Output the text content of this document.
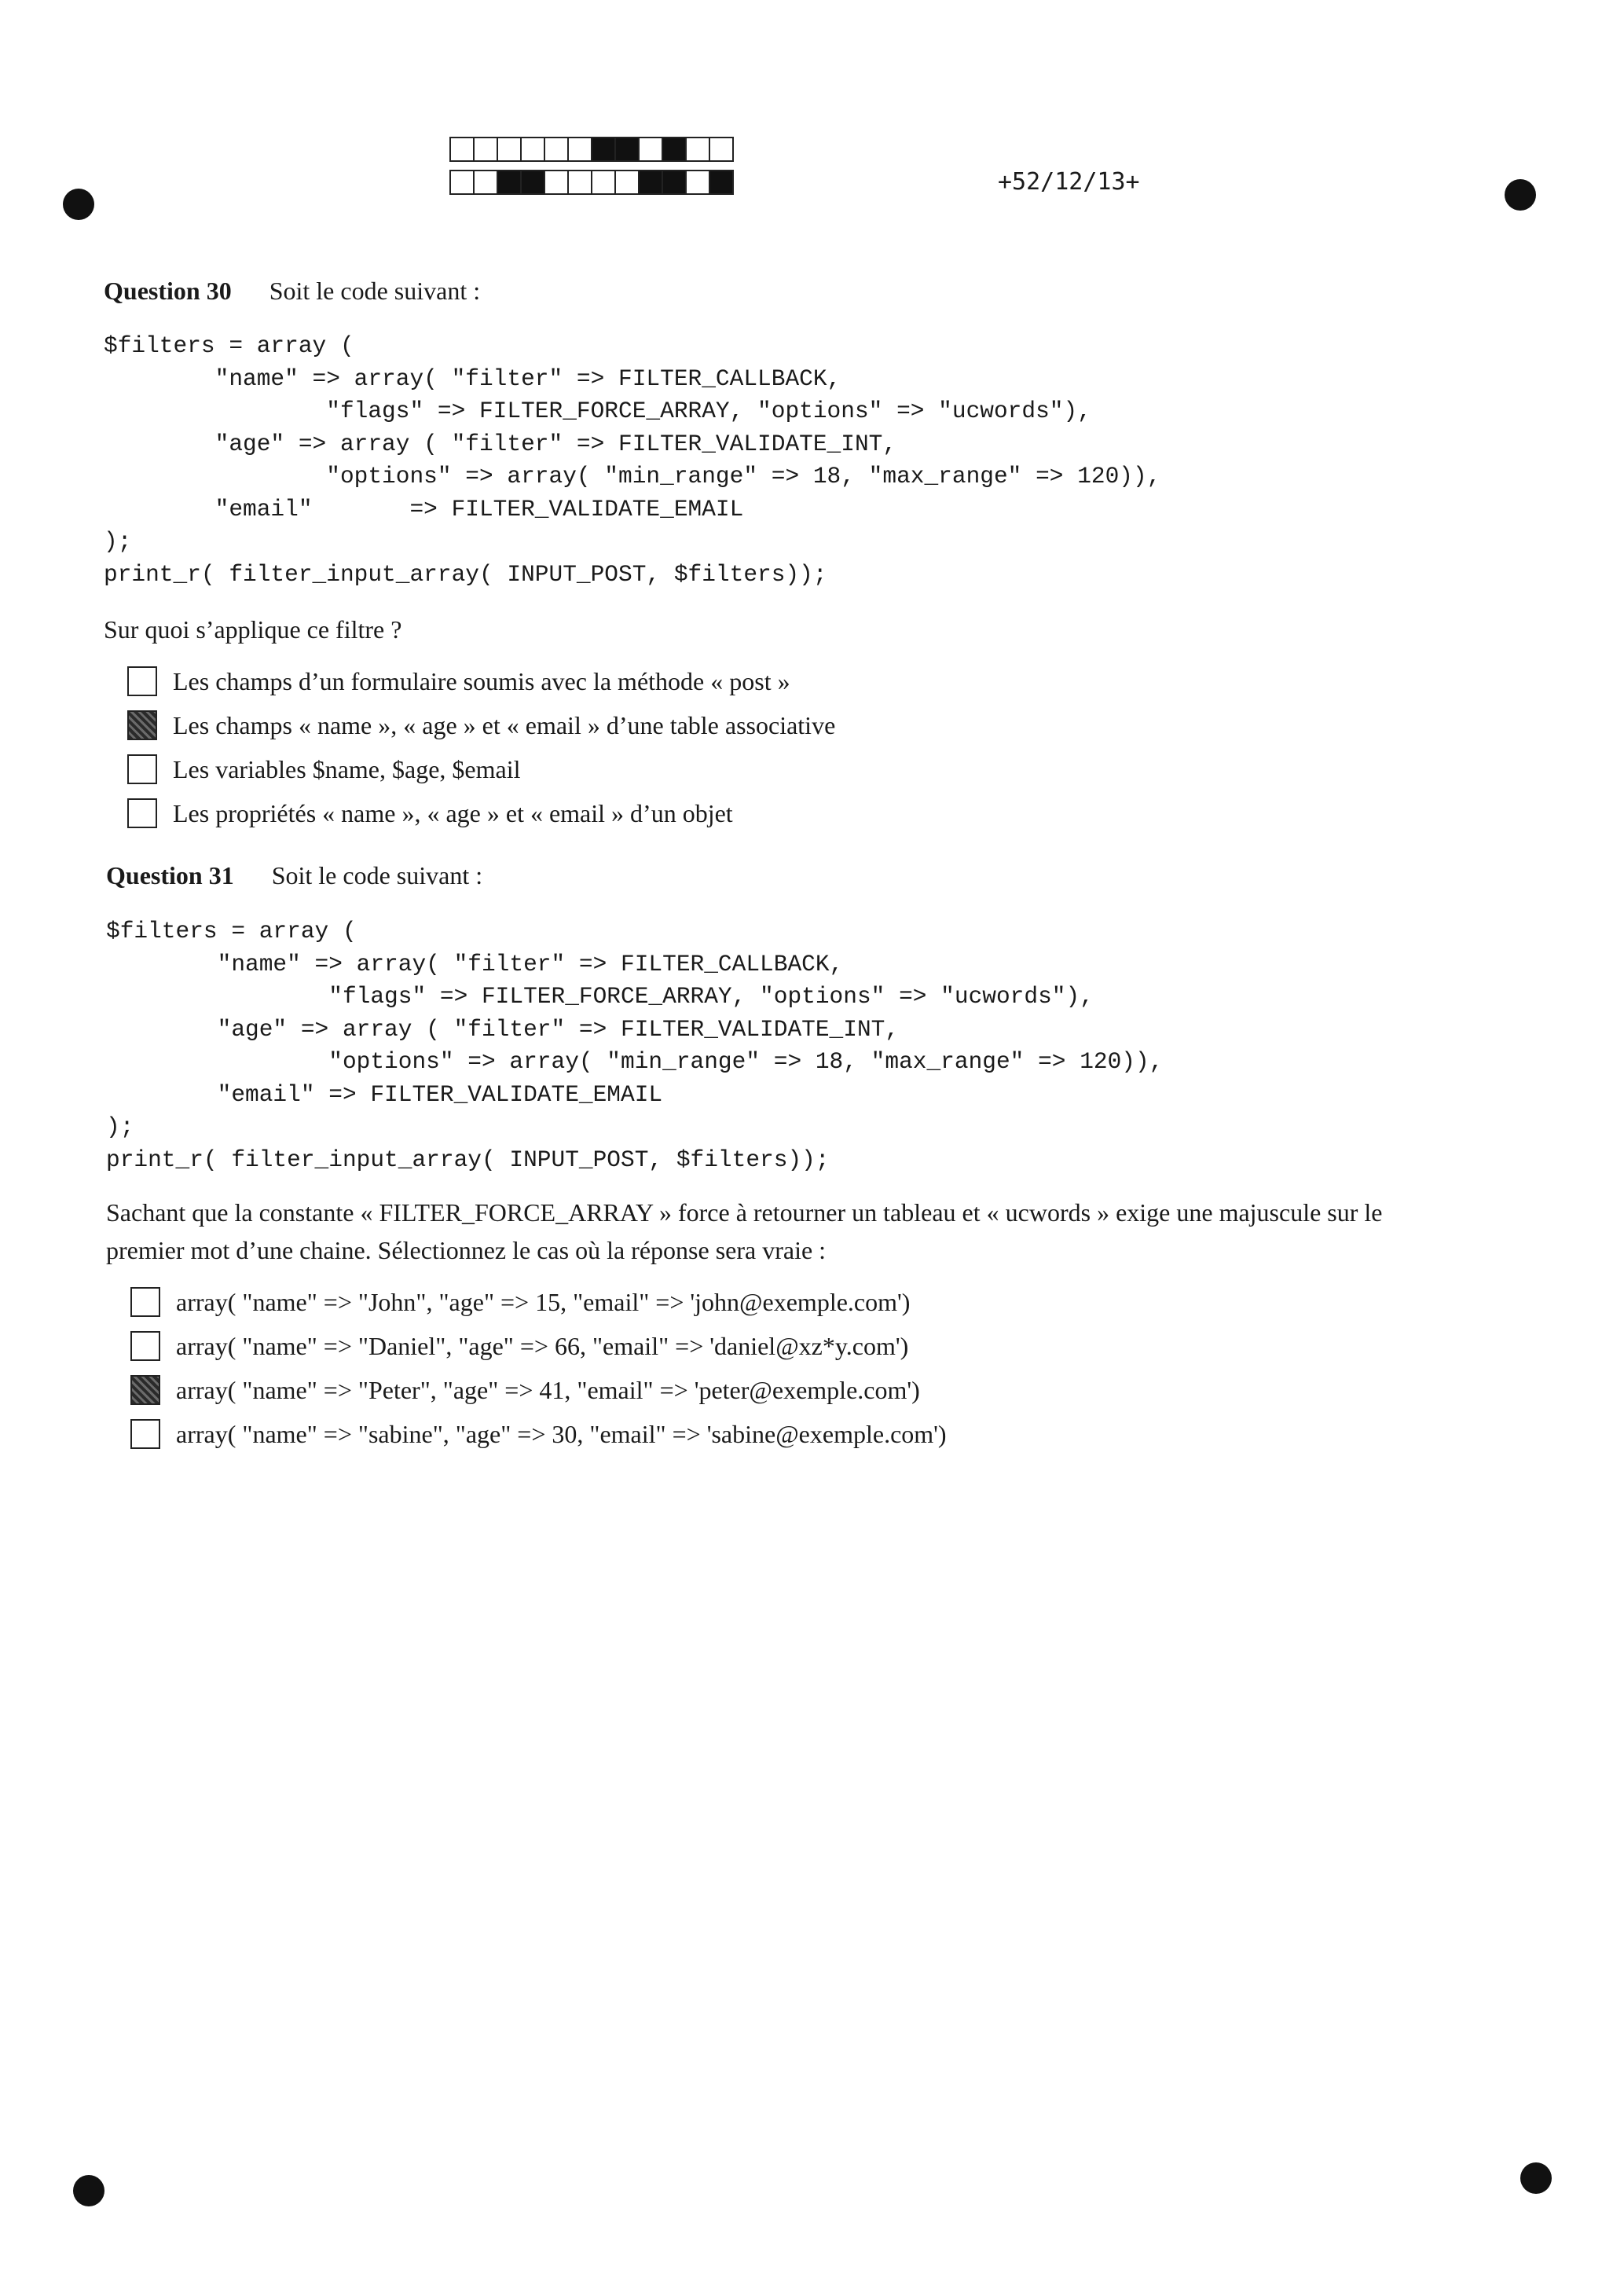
+52/12/13+
Question 30 Soit le code suivant :
$filters = array (
"name" => array( "filter" => FILTER_CALLBACK,
"flags" => FILTER_FORCE_ARRAY, "options" => "ucwords"),
"age" => array ( "filter" => FILTER_VALIDATE_INT,
"options" => array( "min_range" => 18, "max_range" => 120)),
"email"       => FILTER_VALIDATE_EMAIL
);
print_r( filter_input_array( INPUT_POST, $filters));
Sur quoi s’applique ce filtre ?
Les champs d’un formulaire soumis avec la méthode « post »
Les champs « name », « age » et « email » d’une table associative
Les variables $name, $age, $email
Les propriétés « name », « age » et « email » d’un objet
Question 31 Soit le code suivant :
$filters = array (
"name" => array( "filter" => FILTER_CALLBACK,
"flags" => FILTER_FORCE_ARRAY, "options" => "ucwords"),
"age" => array ( "filter" => FILTER_VALIDATE_INT,
"options" => array( "min_range" => 18, "max_range" => 120)),
"email" => FILTER_VALIDATE_EMAIL
);
print_r( filter_input_array( INPUT_POST, $filters));
Sachant que la constante « FILTER_FORCE_ARRAY » force à retourner un tableau et « ucwords » exige une majuscule sur le
premier mot d’une chaine. Sélectionnez le cas où la réponse sera vraie :
array( "name" => "John", "age" => 15, "email" => 'john@exemple.com')
array( "name" => "Daniel", "age" => 66, "email" => 'daniel@xz*y.com')
array( "name" => "Peter", "age" => 41, "email" => 'peter@exemple.com')
array( "name" => "sabine", "age" => 30, "email" => 'sabine@exemple.com')
